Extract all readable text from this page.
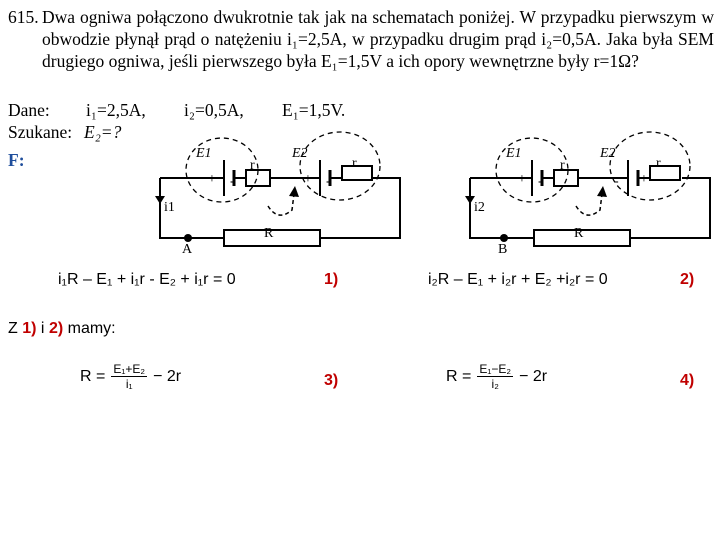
615. Dwa ogniwa połączono dwukrotnie tak jak na schematach poniżej. W przypadku pierwszym w obwodzie płynął prąd o natężeniu i₁=2,5A, w przypadku drugim prąd i₂=0,5A. Jaka była SEM drugiego ogniwa, jeśli pierwszego była E₁=1,5V a ich opory wewnętrzne były r=1Ω?
Dane: i₁=2,5A, i₂=0,5A, E₁=1,5V.
Szukane: E₂=?
F:	E1	E2
r	r
+ -	+ -
i1
R
A
E1	E2
r	r
+ -	- +
i2
R
B
i₁R – E₁ + i₁r - E₂ + i₁r = 0	1)	i₂R – E₁ + i₂r + E₂ +i₂r = 0	2)
Z 1) i 2) mamy:
$R = \frac{\text{E₁+E₂}}{\text{i₁}} - 2r$	3)	$R = \frac{\text{E₁−E₂}}{\text{i₂}} - 2r$	4)
